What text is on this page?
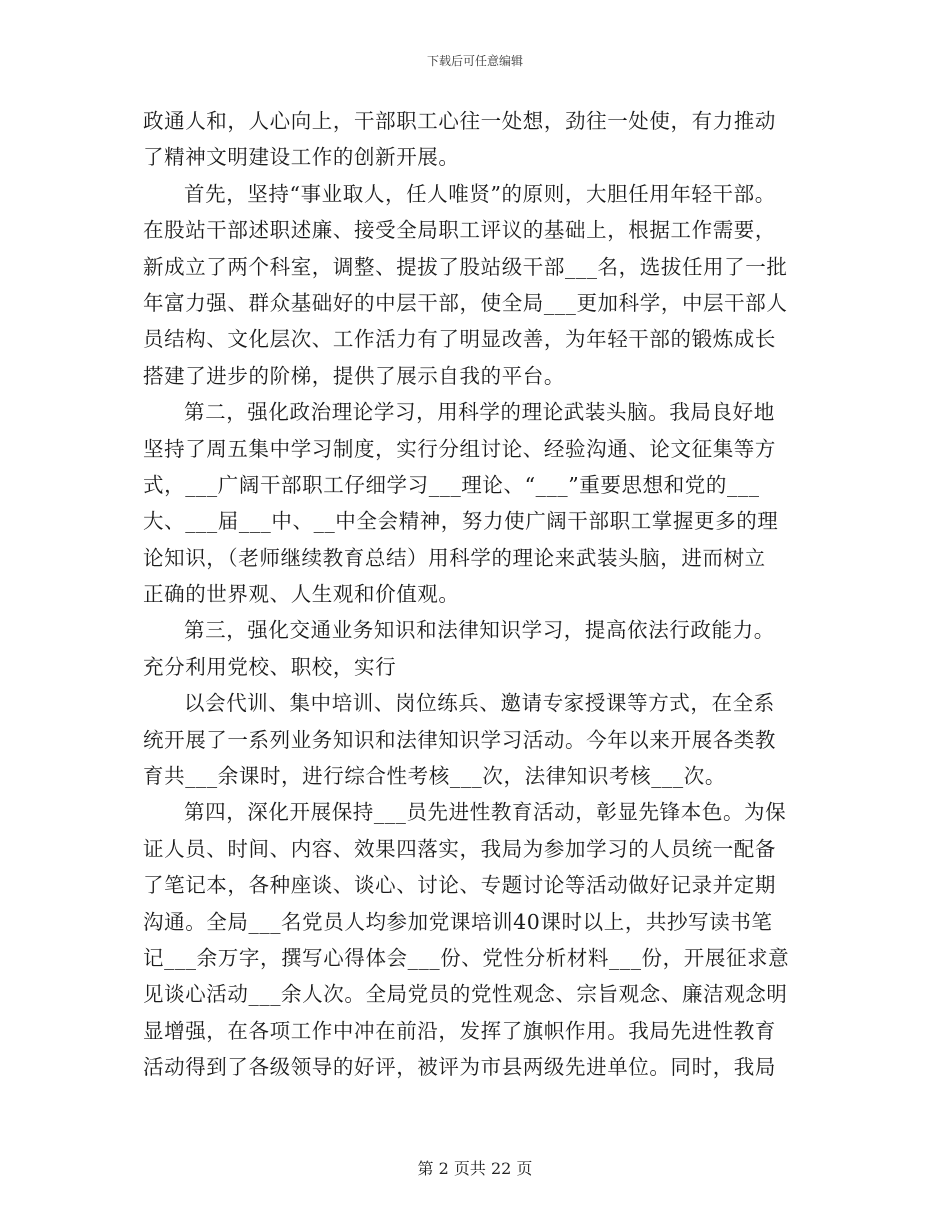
下载后可任意编辑
政通人和，人心向上，干部职工心往一处想，劲往一处使，有力推动
了精神文明建设工作的创新开展。
首先，坚持“事业取人，任人唯贤”的原则，大胆任用年轻干部。
在股站干部述职述廉、接受全局职工评议的基础上，根据工作需要，
新成立了两个科室，调整、提拔了股站级干部___名，选拔任用了一批
年富力强、群众基础好的中层干部，使全局___更加科学，中层干部人
员结构、文化层次、工作活力有了明显改善，为年轻干部的锻炼成长
搭建了进步的阶梯，提供了展示自我的平台。
第二，强化政治理论学习，用科学的理论武装头脑。我局良好地
坚持了周五集中学习制度，实行分组讨论、经验沟通、论文征集等方
式，___广阔干部职工仔细学习___理论、“___”重要思想和党的___
大、___届___中、__中全会精神，努力使广阔干部职工掌握更多的理
论知识，（老师继续教育总结）用科学的理论来武装头脑，进而树立
正确的世界观、人生观和价值观。
第三，强化交通业务知识和法律知识学习，提高依法行政能力。
充分利用党校、职校，实行
以会代训、集中培训、岗位练兵、邀请专家授课等方式，在全系
统开展了一系列业务知识和法律知识学习活动。今年以来开展各类教
育共___余课时，进行综合性考核___次，法律知识考核___次。
第四，深化开展保持___员先进性教育活动，彰显先锋本色。为保
证人员、时间、内容、效果四落实，我局为参加学习的人员统一配备
了笔记本，各种座谈、谈心、讨论、专题讨论等活动做好记录并定期
沟通。全局___名党员人均参加党课培训40课时以上，共抄写读书笔
记___余万字，撰写心得体会___份、党性分析材料___份，开展征求意
见谈心活动___余人次。全局党员的党性观念、宗旨观念、廉洁观念明
显增强，在各项工作中冲在前沿，发挥了旗帜作用。我局先进性教育
活动得到了各级领导的好评，被评为市县两级先进单位。同时，我局
第 2 页共 22 页
